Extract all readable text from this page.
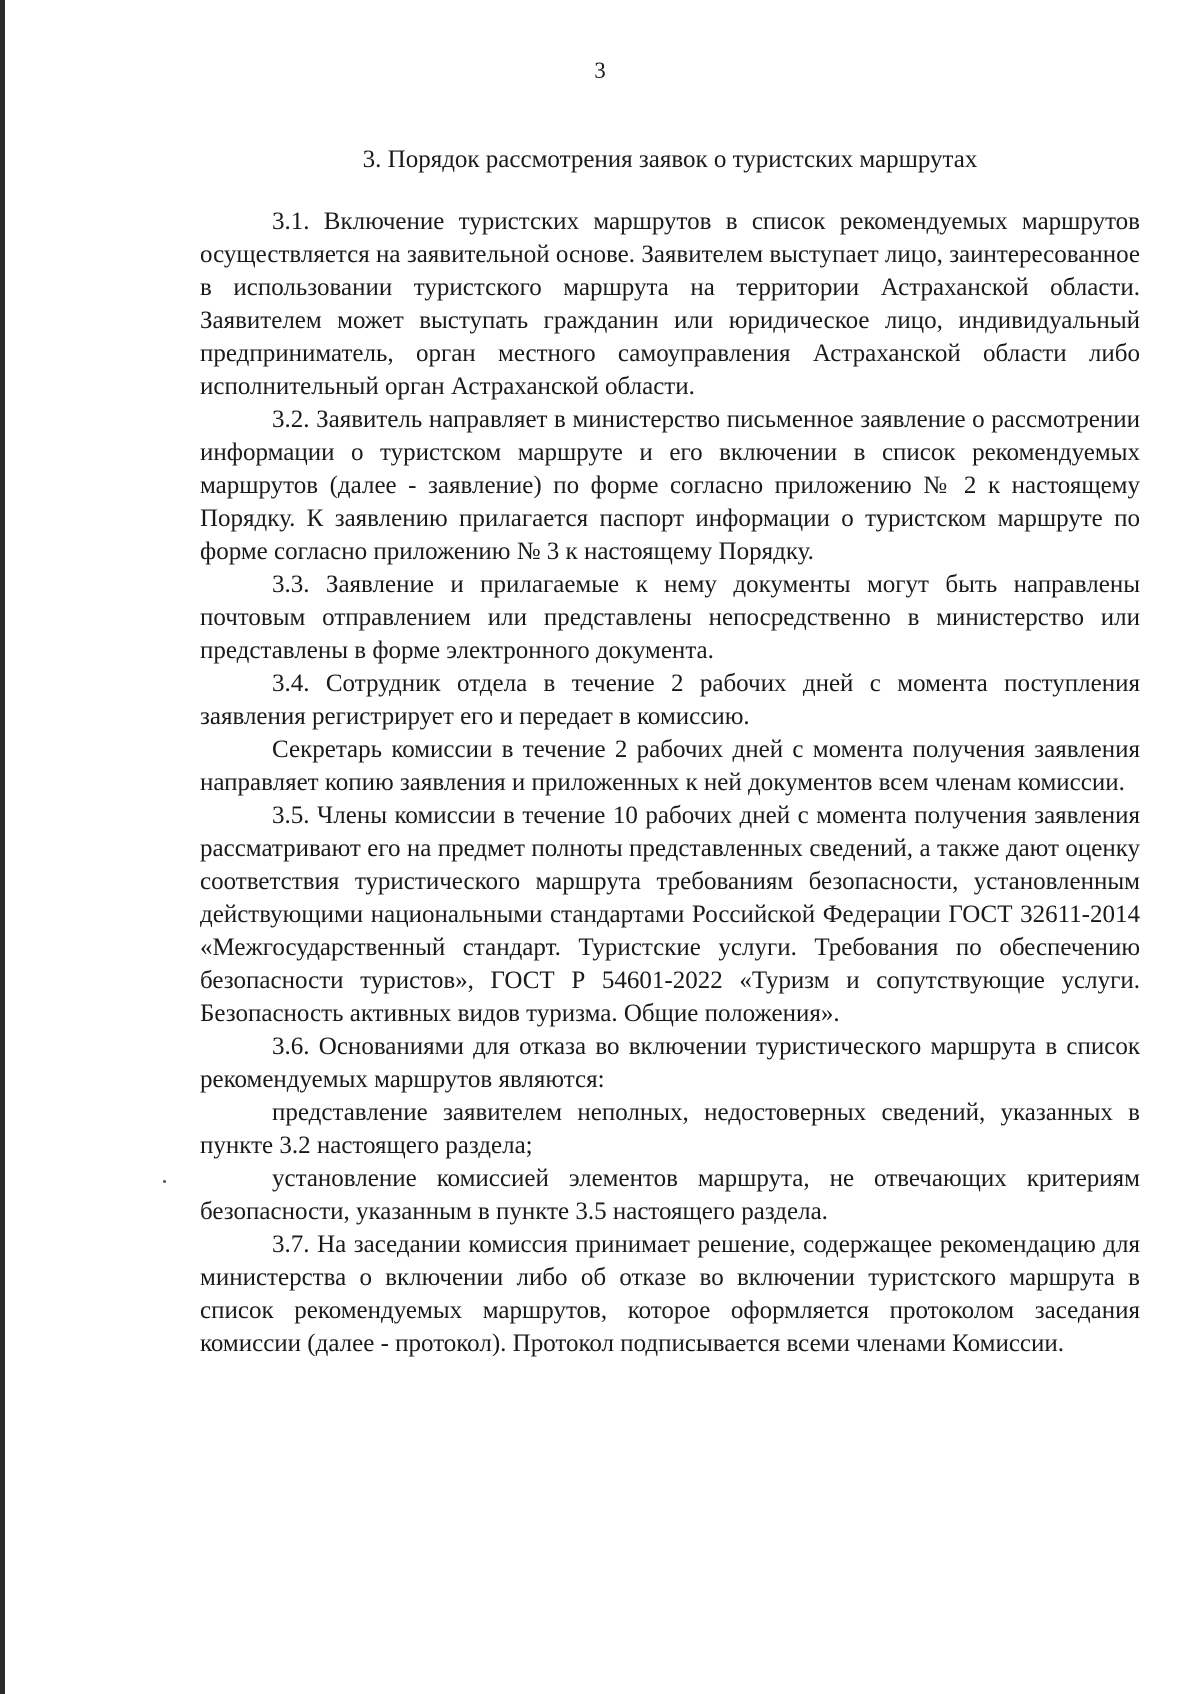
3
3. Порядок рассмотрения заявок о туристских маршрутах

3.1. Включение туристских маршрутов в список рекомендуемых маршрутов осуществляется на заявительной основе. Заявителем выступает лицо, заинтересованное в использовании туристского маршрута на территории Астраханской области. Заявителем может выступать гражданин или юридическое лицо, индивидуальный предприниматель, орган местного самоуправления Астраханской области либо исполнительный орган Астраханской области.

3.2. Заявитель направляет в министерство письменное заявление о рассмотрении информации о туристском маршруте и его включении в список рекомендуемых маршрутов (далее - заявление) по форме согласно приложению № 2 к настоящему Порядку. К заявлению прилагается паспорт информации о туристском маршруте по форме согласно приложению № 3 к настоящему Порядку.

3.3. Заявление и прилагаемые к нему документы могут быть направлены почтовым отправлением или представлены непосредственно в министерство или представлены в форме электронного документа.

3.4. Сотрудник отдела в течение 2 рабочих дней с момента поступления заявления регистрирует его и передает в комиссию.

Секретарь комиссии в течение 2 рабочих дней с момента получения заявления направляет копию заявления и приложенных к ней документов всем членам комиссии.

3.5. Члены комиссии в течение 10 рабочих дней с момента получения заявления рассматривают его на предмет полноты представленных сведений, а также дают оценку соответствия туристического маршрута требованиям безопасности, установленным действующими национальными стандартами Российской Федерации ГОСТ 32611-2014 «Межгосударственный стандарт. Туристские услуги. Требования по обеспечению безопасности туристов», ГОСТ Р 54601-2022 «Туризм и сопутствующие услуги. Безопасность активных видов туризма. Общие положения».

3.6. Основаниями для отказа во включении туристического маршрута в список рекомендуемых маршрутов являются:

представление заявителем неполных, недостоверных сведений, указанных в пункте 3.2 настоящего раздела;

установление комиссией элементов маршрута, не отвечающих критериям безопасности, указанным в пункте 3.5 настоящего раздела.

3.7. На заседании комиссия принимает решение, содержащее рекомендацию для министерства о включении либо об отказе во включении туристского маршрута в список рекомендуемых маршрутов, которое оформляется протоколом заседания комиссии (далее - протокол). Протокол подписывается всеми членами Комиссии.
